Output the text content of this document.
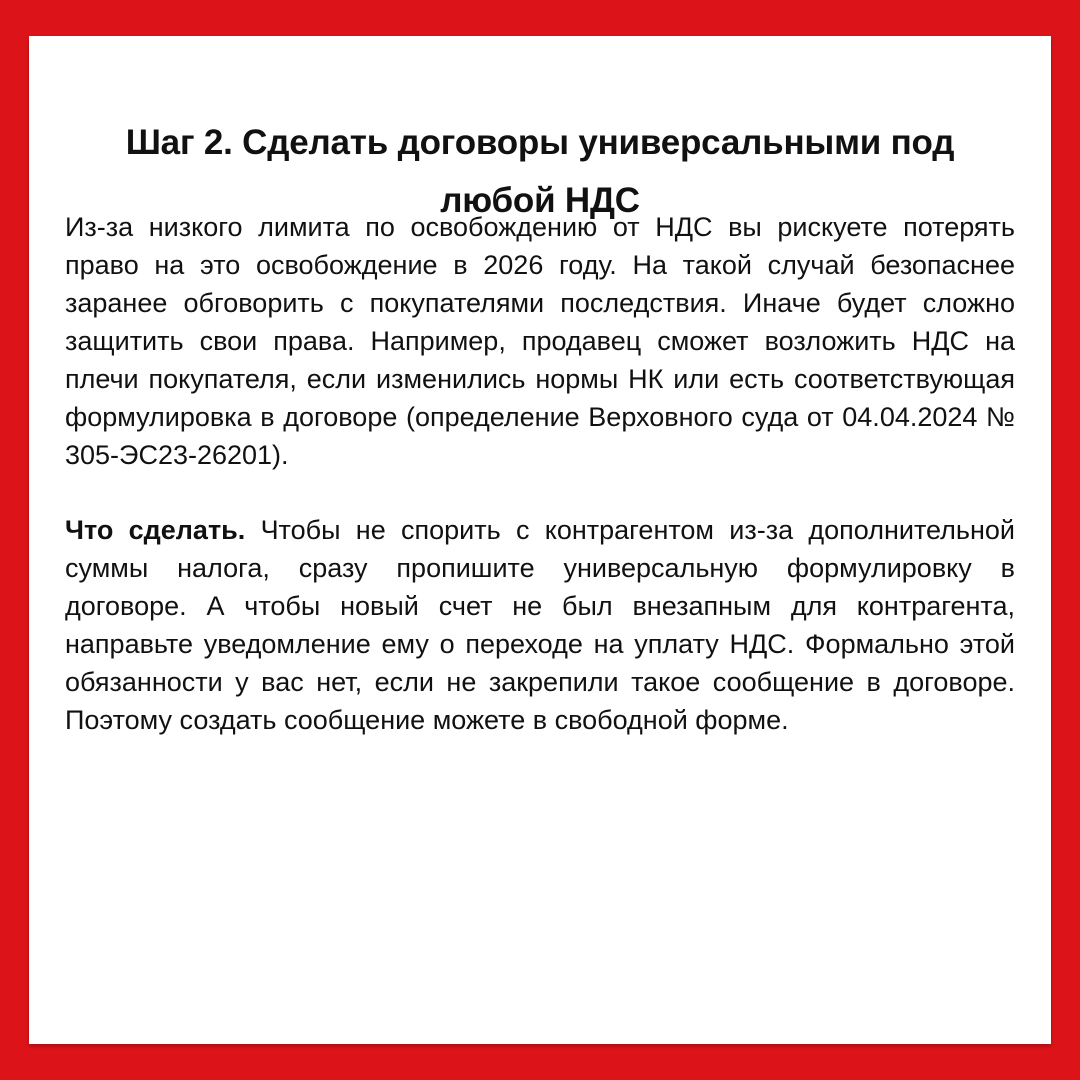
Шаг 2. Сделать договоры универсальными под любой НДС

Из-за низкого лимита по освобождению от НДС вы рискуете потерять право на это освобождение в 2026 году. На такой случай безопаснее заранее обговорить с покупателями последствия. Иначе будет сложно защитить свои права. Например, продавец сможет возложить НДС на плечи покупателя, если изменились нормы НК или есть соответствующая формулировка в договоре (определение Верховного суда от 04.04.2024 № 305-ЭС23-26201).

Что сделать. Чтобы не спорить с контрагентом из-за дополнительной суммы налога, сразу пропишите универсальную формулировку в договоре. А чтобы новый счет не был внезапным для контрагента, направьте уведомление ему о переходе на уплату НДС. Формально этой обязанности у вас нет, если не закрепили такое сообщение в договоре. Поэтому создать сообщение можете в свободной форме.
